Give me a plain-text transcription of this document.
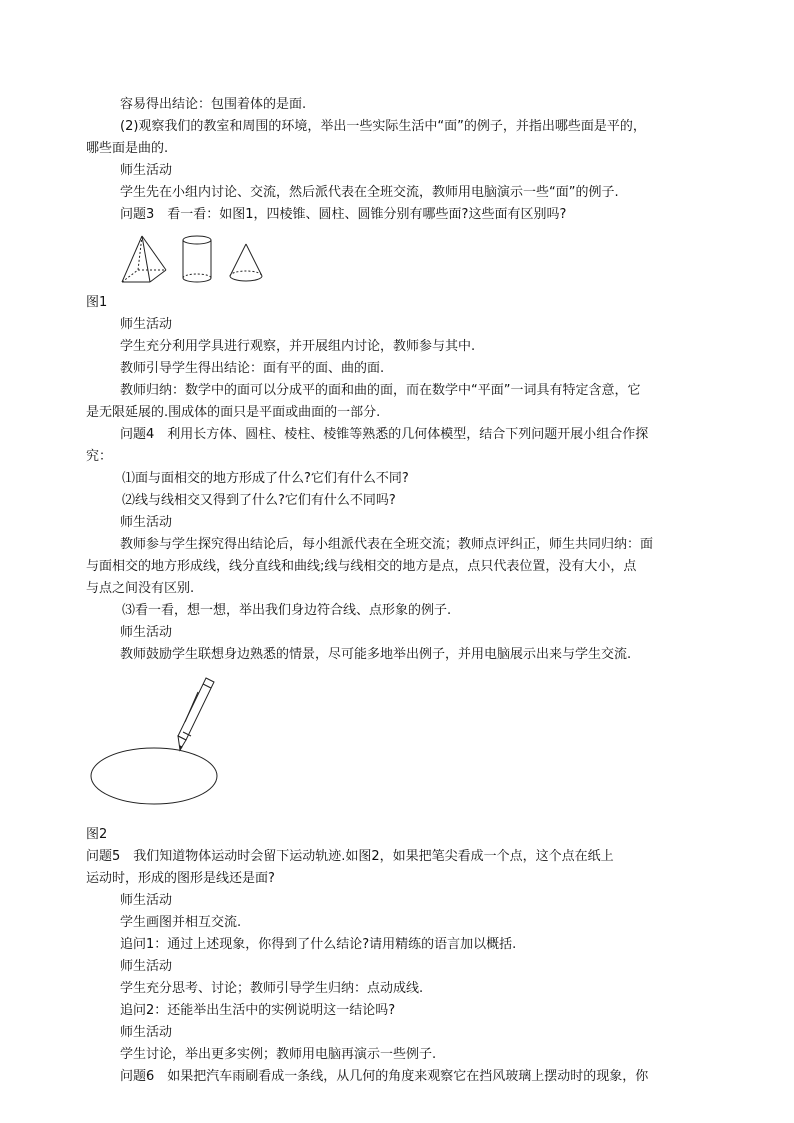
容易得出结论：包围着体的是面.

(2)观察我们的教室和周围的环境，举出一些实际生活中“面”的例子，并指出哪些面是平的，

哪些面是曲的.

师生活动

学生先在小组内讨论、交流，然后派代表在全班交流，教师用电脑演示一些“面”的例子.

问题3　看一看：如图1，四棱锥、圆柱、圆锥分别有哪些面?这些面有区别吗?

图1

师生活动

学生充分利用学具进行观察，并开展组内讨论，教师参与其中.

教师引导学生得出结论：面有平的面、曲的面.

教师归纳：数学中的面可以分成平的面和曲的面，而在数学中“平面”一词具有特定含意，它

是无限延展的.围成体的面只是平面或曲面的一部分.

问题4　利用长方体、圆柱、棱柱、棱锥等熟悉的几何体模型，结合下列问题开展小组合作探

究：

⑴面与面相交的地方形成了什么?它们有什么不同?

⑵线与线相交又得到了什么?它们有什么不同吗?

师生活动

教师参与学生探究得出结论后，每小组派代表在全班交流；教师点评纠正，师生共同归纳：面

与面相交的地方形成线，线分直线和曲线;线与线相交的地方是点，点只代表位置，没有大小，点

与点之间没有区别.

⑶看一看，想一想，举出我们身边符合线、点形象的例子.

师生活动

教师鼓励学生联想身边熟悉的情景，尽可能多地举出例子，并用电脑展示出来与学生交流.

图2

问题5　我们知道物体运动时会留下运动轨迹.如图2，如果把笔尖看成一个点，这个点在纸上

运动时，形成的图形是线还是面?

师生活动

学生画图并相互交流.

追问1：通过上述现象，你得到了什么结论?请用精练的语言加以概括.

师生活动

学生充分思考、讨论；教师引导学生归纳：点动成线.

追问2：还能举出生活中的实例说明这一结论吗?

师生活动

学生讨论，举出更多实例；教师用电脑再演示一些例子.

问题6　如果把汽车雨刷看成一条线，从几何的角度来观察它在挡风玻璃上摆动时的现象，你
